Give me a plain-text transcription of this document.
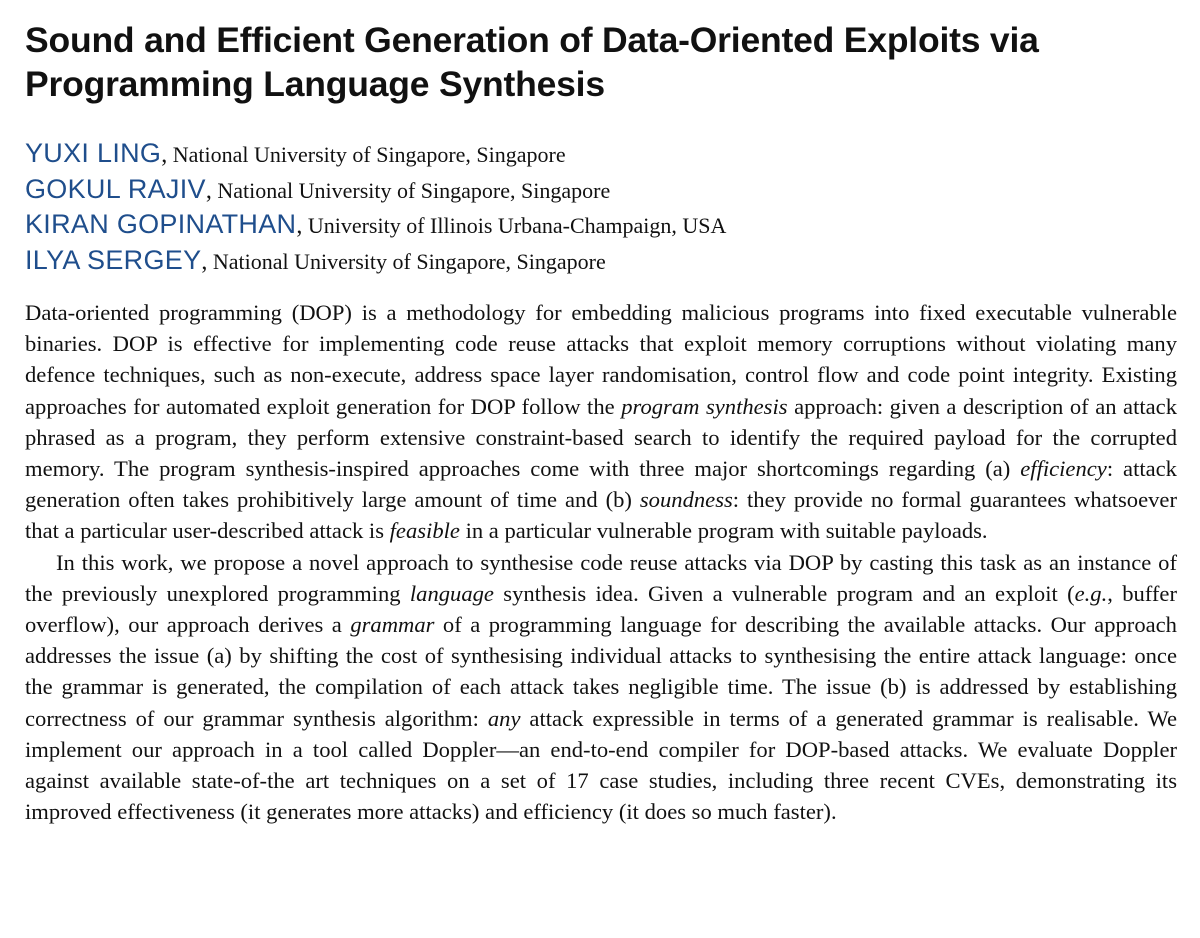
Sound and Efficient Generation of Data-Oriented Exploits via
Programming Language Synthesis
YUXI LING, National University of Singapore, Singapore
GOKUL RAJIV, National University of Singapore, Singapore
KIRAN GOPINATHAN, University of Illinois Urbana-Champaign, USA
ILYA SERGEY, National University of Singapore, Singapore

Data-oriented programming (DOP) is a methodology for embedding malicious programs into fixed executable vulnerable binaries. DOP is effective for implementing code reuse attacks that exploit memory corruptions without violating many defence techniques, such as non-execute, address space layer randomisation, control flow and code point integrity. Existing approaches for automated exploit generation for DOP follow the program synthesis approach: given a description of an attack phrased as a program, they perform extensive constraint-based search to identify the required payload for the corrupted memory. The program synthesis-inspired approaches come with three major shortcomings regarding (a) efficiency: attack generation often takes prohibitively large amount of time and (b) soundness: they provide no formal guarantees whatsoever that a particular user-described attack is feasible in a particular vulnerable program with suitable payloads.

In this work, we propose a novel approach to synthesise code reuse attacks via DOP by casting this task as an instance of the previously unexplored programming language synthesis idea. Given a vulnerable program and an exploit (e.g., buffer overflow), our approach derives a grammar of a programming language for describing the available attacks. Our approach addresses the issue (a) by shifting the cost of synthesising individual attacks to synthesising the entire attack language: once the grammar is generated, the compilation of each attack takes negligible time. The issue (b) is addressed by establishing correctness of our grammar synthesis algorithm: any attack expressible in terms of a generated grammar is realisable. We implement our approach in a tool called Doppler—an end-to-end compiler for DOP-based attacks. We evaluate Doppler against available state-of-the art techniques on a set of 17 case studies, including three recent CVEs, demonstrating its improved effectiveness (it generates more attacks) and efficiency (it does so much faster).
